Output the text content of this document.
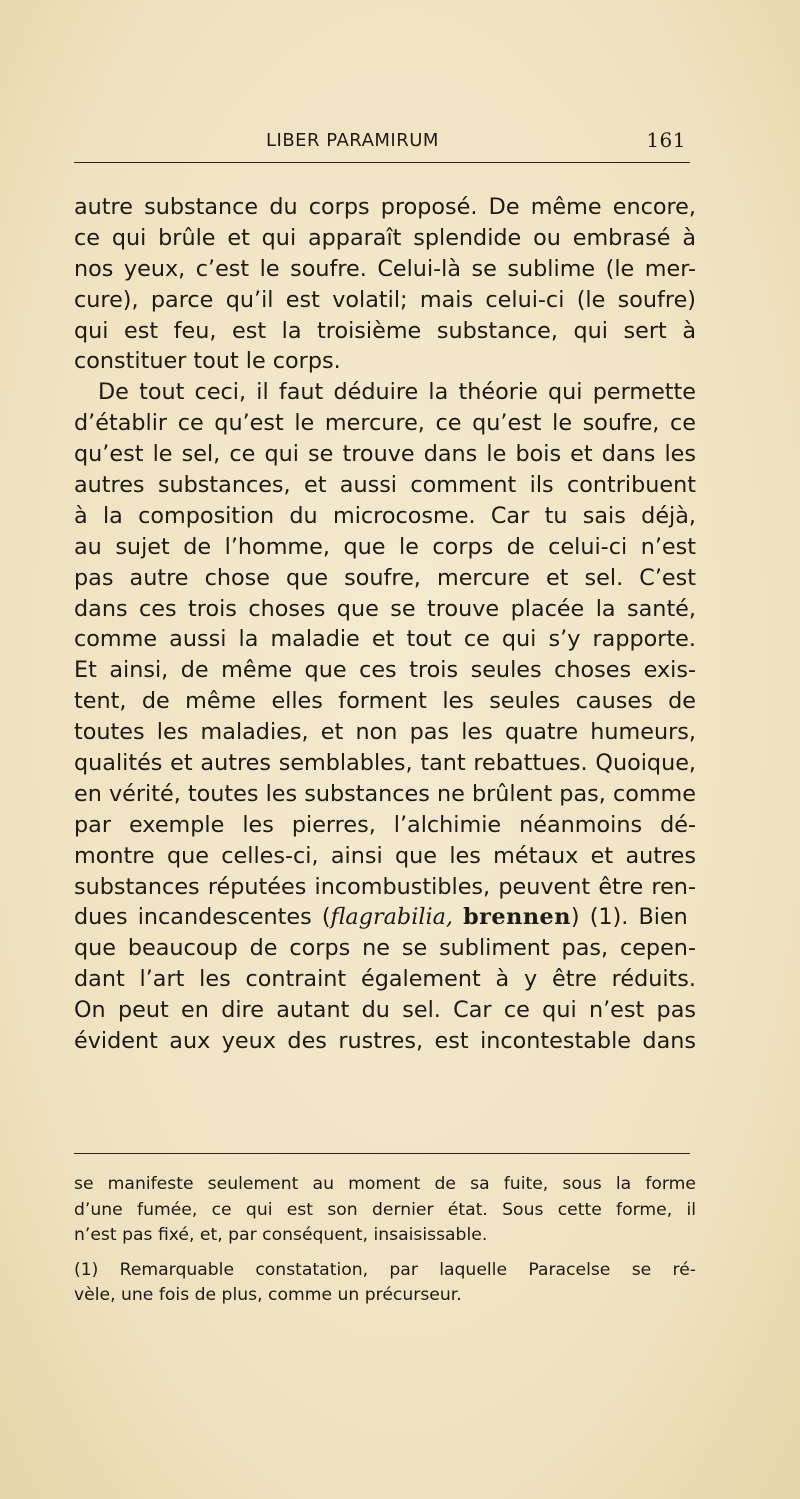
LIBER PARAMIRUM	161
autre substance du corps proposé. De même encore,
ce qui brûle et qui apparaît splendide ou embrasé à
nos yeux, c’est le soufre. Celui-là se sublime (le mer-
cure), parce qu’il est volatil; mais celui-ci (le soufre)
qui est feu, est la troisième substance, qui sert à
constituer tout le corps.
De tout ceci, il faut déduire la théorie qui permette
d’établir ce qu’est le mercure, ce qu’est le soufre, ce
qu’est le sel, ce qui se trouve dans le bois et dans les
autres substances, et aussi comment ils contribuent
à la composition du microcosme. Car tu sais déjà,
au sujet de l’homme, que le corps de celui-ci n’est
pas autre chose que soufre, mercure et sel. C’est
dans ces trois choses que se trouve placée la santé,
comme aussi la maladie et tout ce qui s’y rapporte.
Et ainsi, de même que ces trois seules choses exis-
tent, de même elles forment les seules causes de
toutes les maladies, et non pas les quatre humeurs,
qualités et autres semblables, tant rebattues. Quoique,
en vérité, toutes les substances ne brûlent pas, comme
par exemple les pierres, l’alchimie néanmoins dé-
montre que celles-ci, ainsi que les métaux et autres
substances réputées incombustibles, peuvent être ren-
dues incandescentes (flagrabilia, brennen) (1). Bien
que beaucoup de corps ne se subliment pas, cepen-
dant l’art les contraint également à y être réduits.
On peut en dire autant du sel. Car ce qui n’est pas
évident aux yeux des rustres, est incontestable dans
se manifeste seulement au moment de sa fuite, sous la forme
d’une fumée, ce qui est son dernier état. Sous cette forme, il
n’est pas fixé, et, par conséquent, insaisissable.
(1) Remarquable constatation, par laquelle Paracelse se ré-
vèle, une fois de plus, comme un précurseur.
